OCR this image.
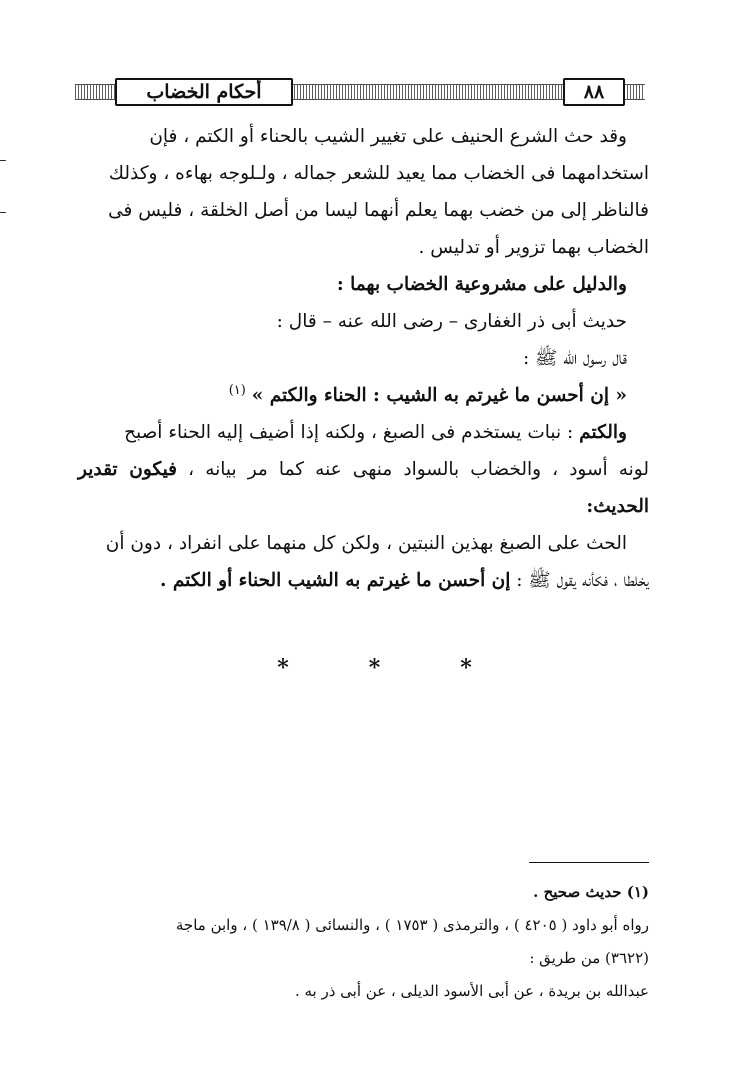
٨٨
أحكام الخضاب

وقد حث الشرع الحنيف على تغيير الشيب بالحناء أو الكتم ، فإن

استخدامهما فى الخضاب مما يعيد للشعر جماله ، ولـلوجه بهاءه ، وكذلك

فالناظر إلى من خضب بهما يعلم أنهما ليسا من أصل الخلقة ، فليس فى

الخضاب بهما تزوير أو تدليس .

والدليل على مشروعية الخضاب بهما :

حديث أبى ذر الغفارى – رضى الله عنه – قال :

قال رسول الله ﷺ :

« إن أحسن ما غيرتم به الشيب : الحناء والكتم » $^{(١)}$

والكتم : نبات يستخدم فى الصبغ ، ولكنه إذا أضيف إليه الحناء أصبح

لونه أسود ، والخضاب بالسواد منهى عنه كما مر بيانه ، فيكون تقدير الحديث:

الحث على الصبغ بهذين النبتين ، ولكن كل منهما على انفراد ، دون أن

يخلطا ، فكأنه يقول ﷺ : إن أحسن ما غيرتم به الشيب الحناء أو الكتم .

*
*
*

(١) حديث صحيح .

رواه أبو داود ( ٤٢٠٥ ) ، والترمذى ( ١٧٥٣ ) ، والنسائى ( ١٣٩/٨ ) ، وابن ماجة

(٣٦٢٢) من طريق :

عبدالله بن بريدة ، عن أبى الأسود الديلى ، عن أبى ذر به .
